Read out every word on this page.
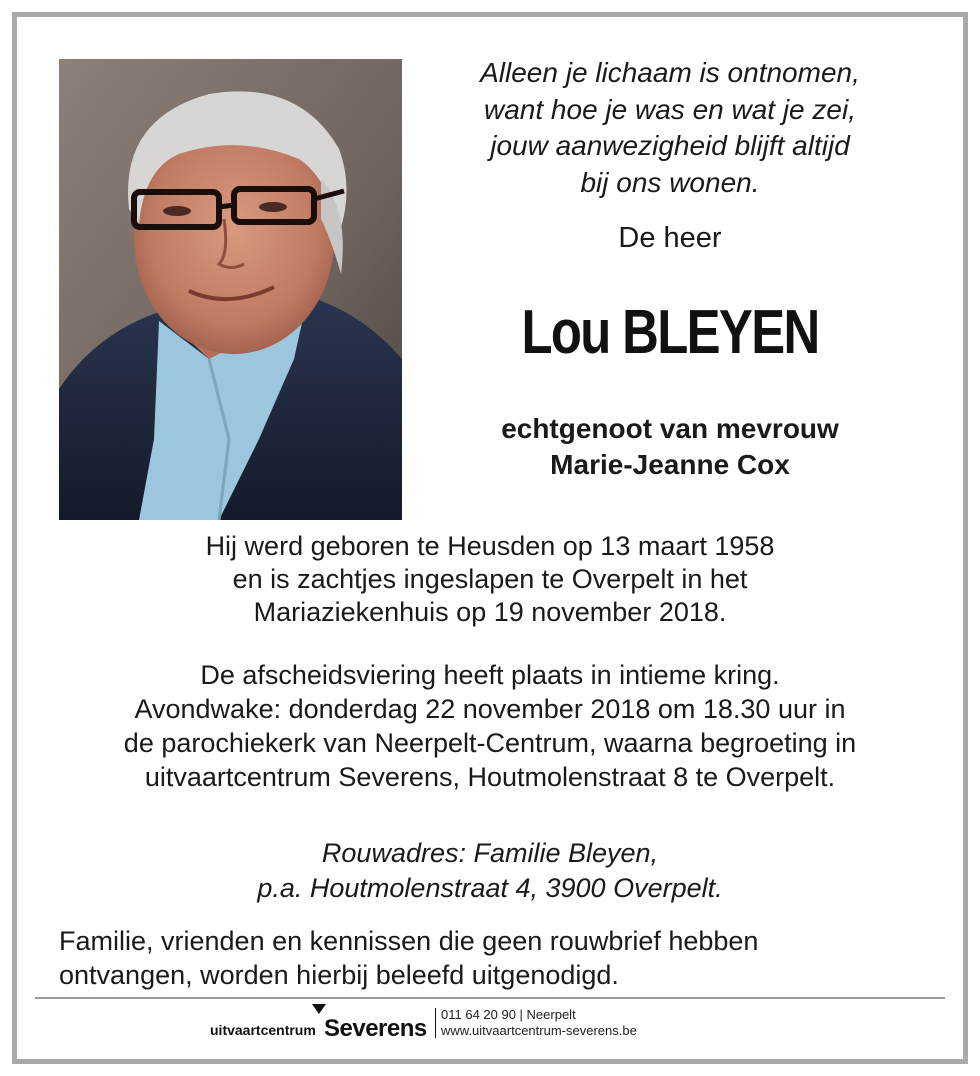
Alleen je lichaam is ontnomen,
want hoe je was en wat je zei,
jouw aanwezigheid blijft altijd
bij ons wonen.
De heer
Lou BLEYEN
echtgenoot van mevrouw
Marie-Jeanne Cox
Hij werd geboren te Heusden op 13 maart 1958
en is zachtjes ingeslapen te Overpelt in het
Mariaziekenhuis op 19 november 2018.
De afscheidsviering heeft plaats in intieme kring.
Avondwake: donderdag 22 november 2018 om 18.30 uur in
de parochiekerk van Neerpelt-Centrum, waarna begroeting in
uitvaartcentrum Severens, Houtmolenstraat 8 te Overpelt.
Rouwadres: Familie Bleyen,
p.a. Houtmolenstraat 4, 3900 Overpelt.
Familie, vrienden en kennissen die geen rouwbrief hebben
ontvangen, worden hierbij beleefd uitgenodigd.
uitvaartcentrum Severens
011 64 20 90 | Neerpelt
www.uitvaartcentrum-severens.be
